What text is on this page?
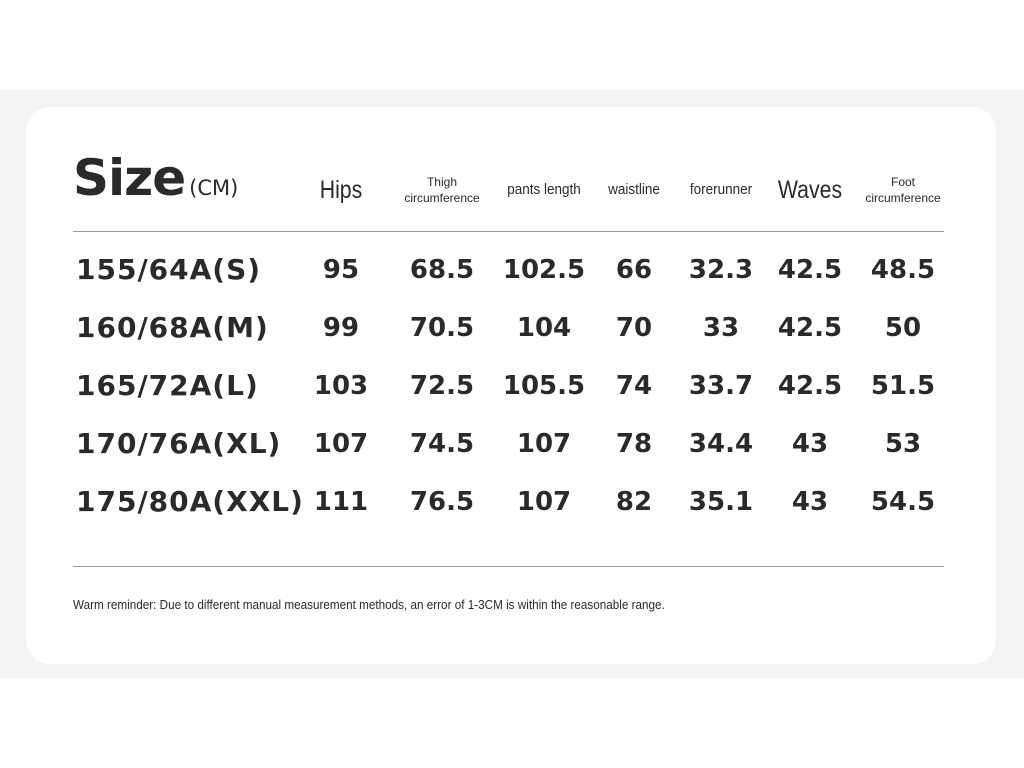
Size (CM)
Warm reminder: Due to different manual measurement methods, an error of 1-3CM is within the reasonable range.
Hips	Thigh
circumference pants length waistline forerunner Waves	Foot
circumference
155/64A(S) 95 68.5 102.5 66 32.3 42.5 48.5
160/68A(M) 99 70.5 104 70 33 42.5 50
165/72A(L) 103 72.5 105.5 74 33.7 42.5 51.5
170/76A(XL) 107 74.5 107 78 34.4 43 53
175/80A(XXL) 111 76.5 107 82 35.1 43 54.5
